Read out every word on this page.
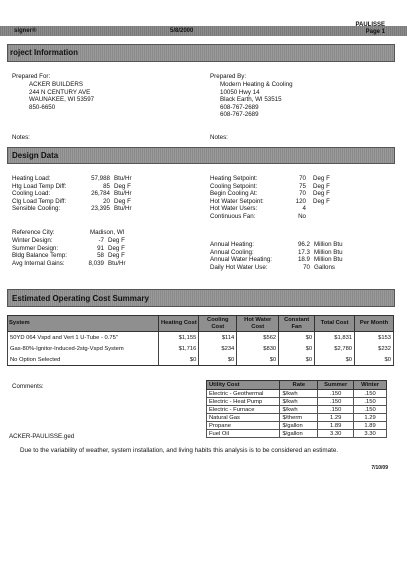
signer®	5/8/2000
PAULISSE
Page 1
roject Information
Prepared For:
ACKER BUILDERS
244 N CENTURY AVE
WAUNAKEE, WI 53597
850-6650
Prepared By:
Modern Heating & Cooling
10050 Hwy 14
Black Earth, WI 53515
608-767-2689
608-767-2689
Notes:	Notes:
Design Data
Heating Load:	57,988 Btu/Hr
Htg Load Temp Diff:	85 Deg F
Cooling Load:	26,784 Btu/Hr
Clg Load Temp Diff:	20 Deg F
Sensible Cooling:	23,395 Btu/Hr
Heating Setpoint:	70 Deg F
Cooling Setpoint:	75 Deg F
Begin Cooling At:	70 Deg F
Hot Water Setpoint:	120 Deg F
Hot Water Users:	4
Continuous Fan:	No
Reference City:	Madison, WI
Winter Design:	-7 Deg F
Summer Design:	91 Deg F
Bldg Balance Temp:	58 Deg F
Avg Internal Gains:	8,039 Btu/Hr
Annual Heating:	96.2 Million Btu
Annual Cooling:	17.3 Million Btu
Annual Water Heating:	18.9 Million Btu
Daily Hot Water Use:	70 Gallons
Estimated Operating Cost Summary
System	Heating Cost	Cooling Cost	Hot Water Cost	Constant Fan	Total Cost	Per Month
50YD 064 Vspd and Vert 1 U-Tube - 0.75"	$1,155	$114	$562	$0	$1,831	$153
Gas-80%-Ignitor-Induced-2stg-Vspd System	$1,716	$234	$830	$0	$2,780	$232
No Option Selected	$0	$0	$0	$0	$0	$0
Comments:	Utility Cost	Rate	Summer	Winter
Electric - Geothermal	$/kwh	.150	.150
Electric - Heat Pump	$/kwh	.150	.150
Electric - Furnace	$/kwh	.150	.150
Natural Gas	$/therm	1.29	1.29
Propane	$/gallon	1.89	1.89
Fuel Oil	$/gallon	3.30	3.30
ACKER-PAULISSE.ged
Due to the variability of weather, system installation, and living habits this analysis is to be considered an estimate.
7/10/09
